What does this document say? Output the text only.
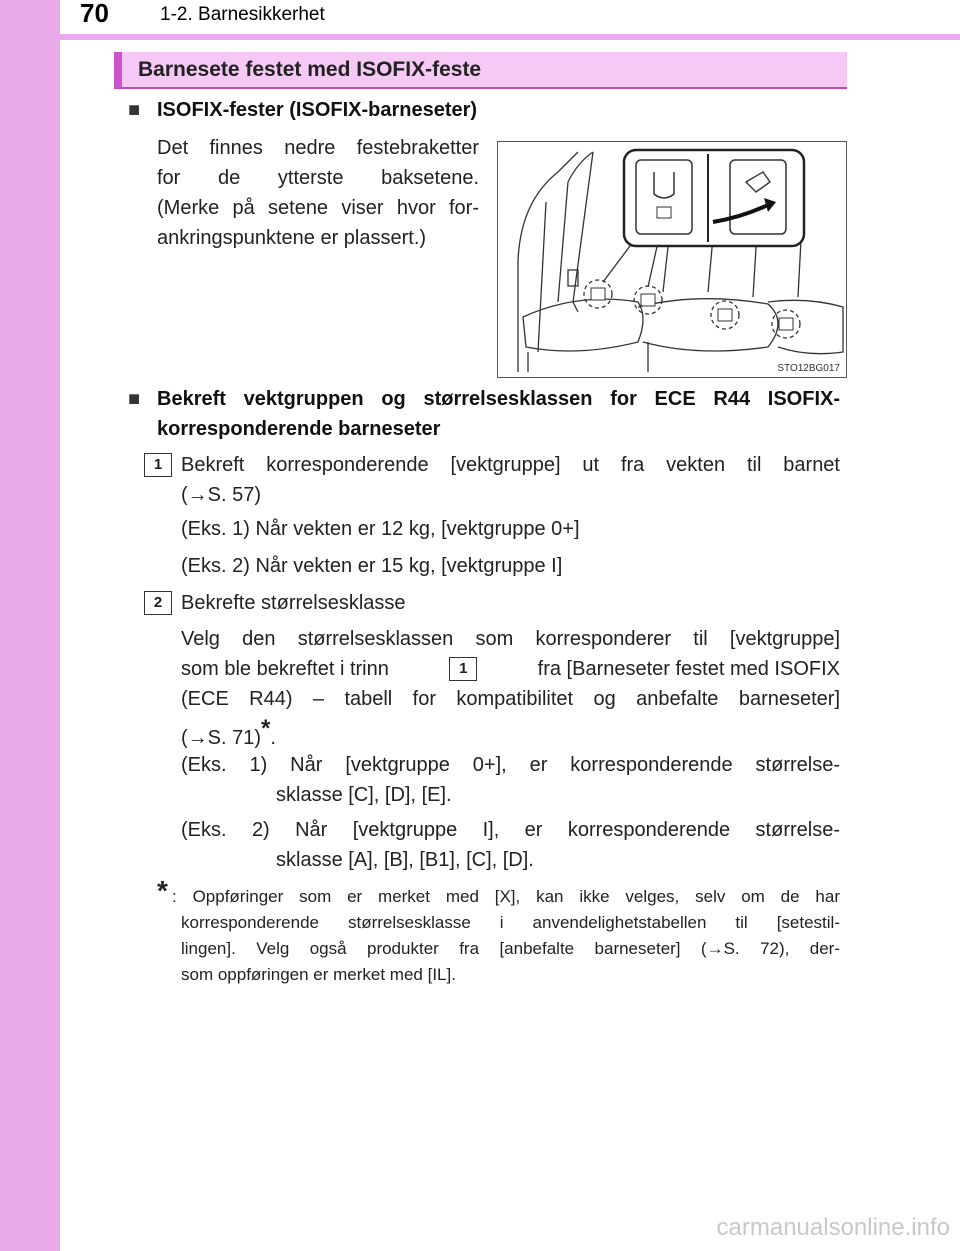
70	1-2. Barnesikkerhet
Barnesete festet med ISOFIX-feste
■ ISOFIX-fester (ISOFIX-barneseter)
Det finnes nedre festebraketter
for de ytterste baksetene.
(Merke på setene viser hvor for-
ankringspunktene er plassert.)
STO12BG017
■ Bekreft vektgruppen og størrelsesklassen for ECE R44 ISOFIX-
korresponderende barneseter
1 Bekreft korresponderende [vektgruppe] ut fra vekten til barnet
(→S. 57)
(Eks. 1) Når vekten er 12 kg, [vektgruppe 0+]
(Eks. 2) Når vekten er 15 kg, [vektgruppe I]
2 Bekrefte størrelsesklasse
Velg den størrelsesklassen som korresponderer til [vektgruppe]
som ble bekreftet i trinn	1	fra [Barneseter festet med ISOFIX
(ECE R44) – tabell for kompatibilitet og anbefalte barneseter]
(→S. 71)*.
(Eks. 1) Når [vektgruppe 0+], er korresponderende størrelse-
sklasse [C], [D], [E].
(Eks. 2) Når [vektgruppe I], er korresponderende størrelse-
sklasse [A], [B], [B1], [C], [D].
* : Oppføringer som er merket med [X], kan ikke velges, selv om de har
korresponderende størrelsesklasse i anvendelighetstabellen til [setestil-
lingen]. Velg også produkter fra [anbefalte barneseter] (→S. 72), der-
som oppføringen er merket med [IL].
carmanualsonline.info
